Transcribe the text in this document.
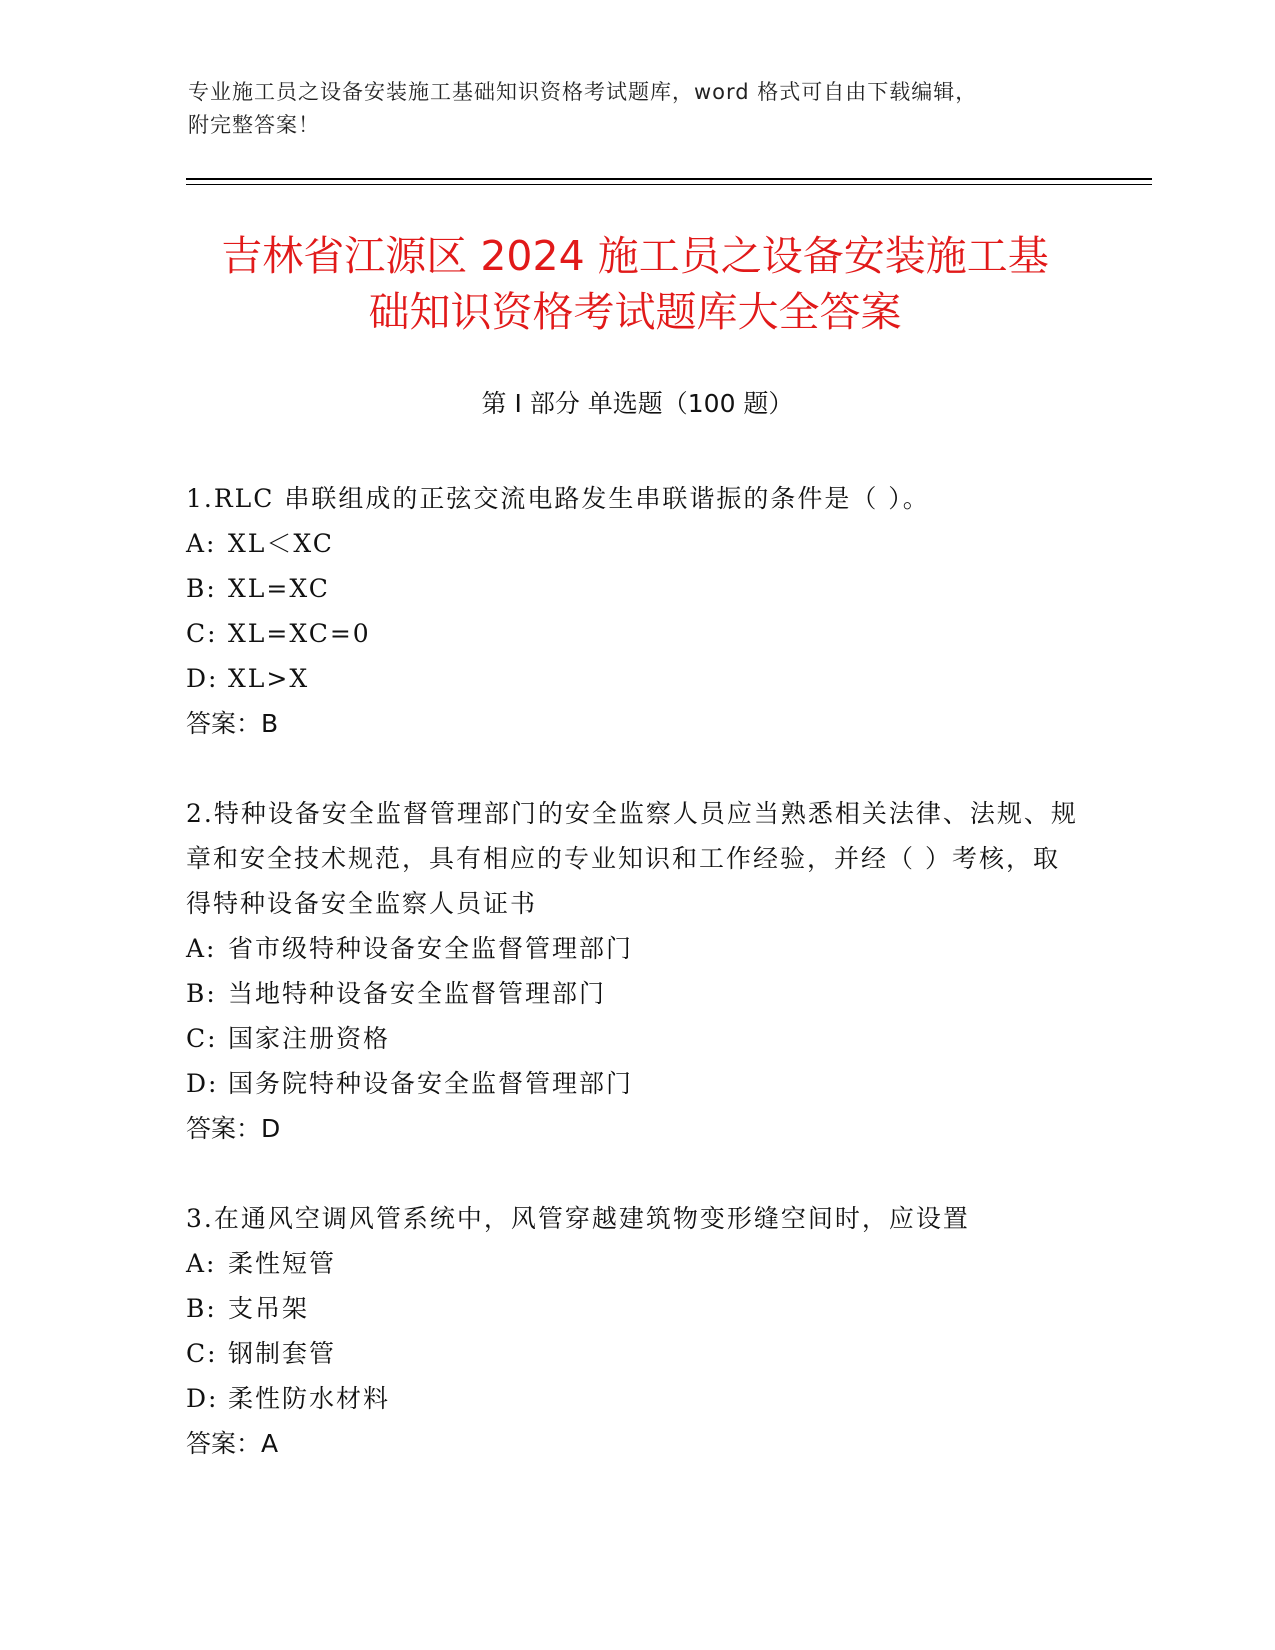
专业施工员之设备安装施工基础知识资格考试题库，word 格式可自由下载编辑，
附完整答案！
吉林省江源区 2024 施工员之设备安装施工基
础知识资格考试题库大全答案
第 I 部分 单选题（100 题）

1.RLC 串联组成的正弦交流电路发生串联谐振的条件是（ ）。

A: XL＜XC

B: XL=XC

C: XL=XC=0

D: XL>X

答案：B

2.特种设备安全监督管理部门的安全监察人员应当熟悉相关法律、法规、规章和安全技术规范，具有相应的专业知识和工作经验，并经（ ）考核，取得特种设备安全监察人员证书

A: 省市级特种设备安全监督管理部门

B: 当地特种设备安全监督管理部门

C: 国家注册资格

D: 国务院特种设备安全监督管理部门

答案：D

3.在通风空调风管系统中，风管穿越建筑物变形缝空间时，应设置

A: 柔性短管

B: 支吊架

C: 钢制套管

D: 柔性防水材料

答案：A
